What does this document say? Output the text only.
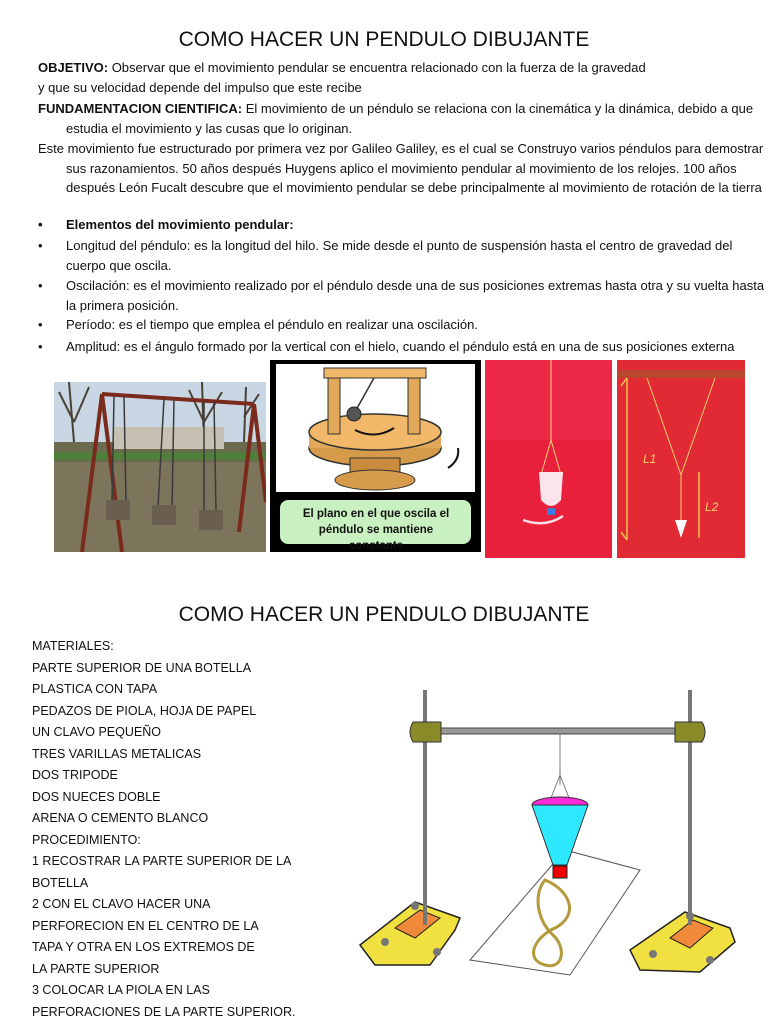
COMO HACER UN PENDULO DIBUJANTE
OBJETIVO: Observar que el movimiento pendular se encuentra relacionado con la fuerza de la gravedad
y que su velocidad depende del impulso que este recibe
FUNDAMENTACION CIENTIFICA: El movimiento de un péndulo se relaciona con la cinemática y la dinámica, debido a que estudia el movimiento y las cusas que lo originan.
Este movimiento fue estructurado por primera vez por Galileo Galiley, es el cual se Construyo varios péndulos para demostrar sus razonamientos. 50 años después Huygens aplico el movimiento pendular al movimiento de los relojes. 100 años después León Fucalt descubre que el movimiento pendular se debe principalmente al movimiento de rotación de la tierra
• Elementos del movimiento pendular:
• Longitud del péndulo: es la longitud del hilo. Se mide desde el punto de suspensión hasta el centro de gravedad del cuerpo que oscila.
• Oscilación: es el movimiento realizado por el péndulo desde una de sus posiciones extremas hasta otra y su vuelta hasta la primera posición.
• Período: es el tiempo que emplea el péndulo en realizar una oscilación.
• Amplitud: es el ángulo formado por la vertical con el hielo, cuando el péndulo está en una de sus posiciones externa
El plano en el que oscila el péndulo se mantiene constante
L1
L2
COMO HACER UN PENDULO DIBUJANTE
MATERIALES:
PARTE SUPERIOR DE UNA BOTELLA
PLASTICA CON TAPA
PEDAZOS DE PIOLA, HOJA DE PAPEL
UN CLAVO PEQUEÑO
TRES VARILLAS METALICAS
DOS TRIPODE
DOS NUECES DOBLE
ARENA O CEMENTO BLANCO
PROCEDIMIENTO:
1 RECOSTRAR LA PARTE SUPERIOR DE LA
BOTELLA
2 CON EL CLAVO HACER UNA
PERFORECION EN EL CENTRO DE LA
TAPA Y OTRA EN LOS EXTREMOS DE
LA PARTE SUPERIOR
3 COLOCAR LA PIOLA EN LAS
PERFORACIONES DE LA PARTE SUPERIOR.
